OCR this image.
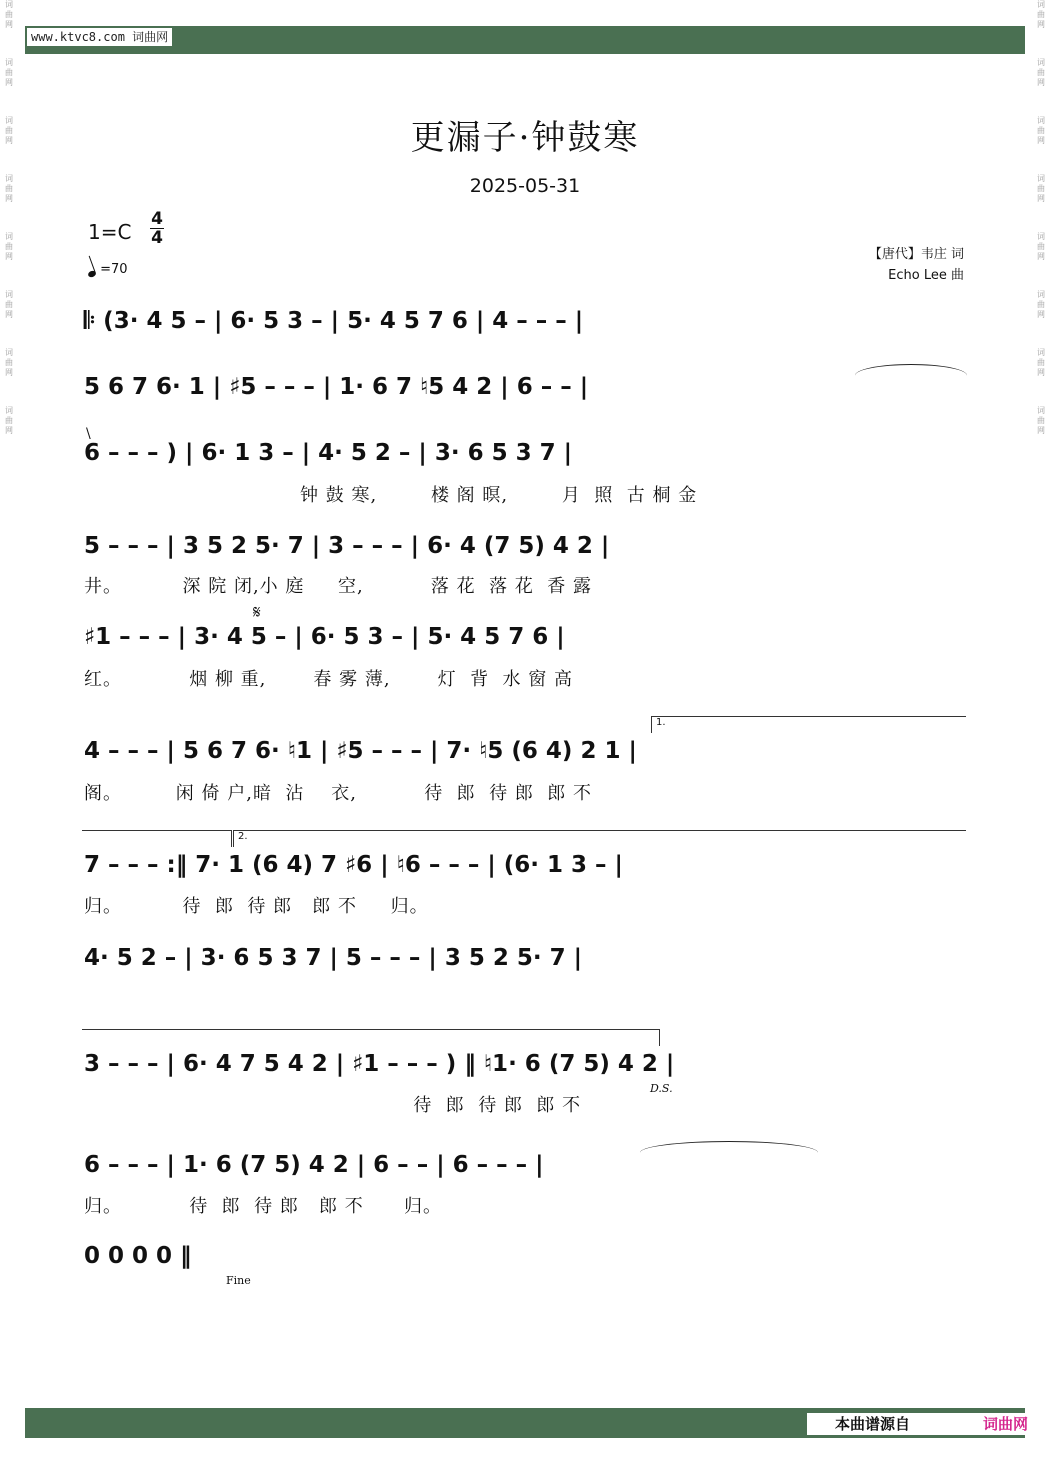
词
曲
网
词
曲
网
词
曲
网
词
曲
网
词
曲
网
词
曲
网
词
曲
网
词
曲
网
词
曲
网
词
曲
网
词
曲
网
词
曲
网
词
曲
网
词
曲
网
词
曲
网
词
曲
网
www.ktvc8.com 词曲网
更漏子·钟鼓寒
2025-05-31
1=C
4
4
=70
【唐代】韦庄 词
Echo Lee 曲
𝄆 (3· 4 5 – | 6· 5 3 – | 5· 4 5 7 6 | 4 – – – |
5 6 7 6· 1 | ♯5 – – – | 1· 6 7 ♮5 4 2 | 6 – – |
\
6 – – – ) | 6· 1 3 – | 4· 5 2 – | 3· 6 5 3 7 |
钟 鼓 寒,        楼 阁 暝,        月  照  古 桐 金
5 – – – | 3 5 2 5· 7 | 3 – – – | 6· 4 (7 5) 4 2 |
井。         深 院 闭,小 庭     空,          落 花  落 花  香 露
𝄋
♯1 – – – | 3· 4 5 – | 6· 5 3 – | 5· 4 5 7 6 |
红。          烟 柳 重,       春 雾 薄,       灯  背  水 窗 高
1.
4 – – – | 5 6 7 6· ♮1 | ♯5 – – – | 7· ♮5 (6 4) 2 1 |
阁。        闲 倚 户,暗  沾    衣,          待  郎  待 郎  郎 不
2.
7 – – – :‖ 7· 1 (6 4) 7 ♯6 | ♮6 – – – | (6· 1 3 – |
归。         待  郎  待 郎   郎 不     归。
4· 5 2 – | 3· 6 5 3 7 | 5 – – – | 3 5 2 5· 7 |
3 – – – | 6· 4 7 5 4 2 | ♯1 – – – ) ‖ ♮1· 6 (7 5) 4 2 |
D.S.
待  郎  待 郎  郎 不
6 – – – | 1· 6 (7 5) 4 2 | 6 – – | 6 – – – |
归。          待  郎  待 郎   郎 不      归。
0 0 0 0 ‖
Fine
本曲谱源自	词曲网
